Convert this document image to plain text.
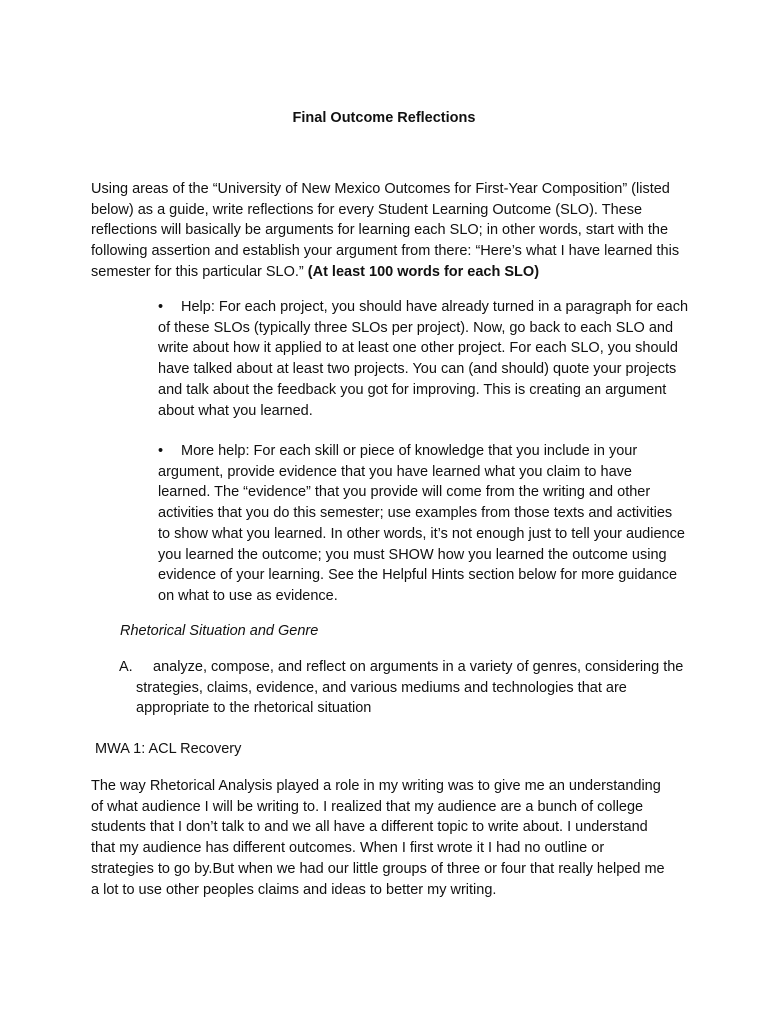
Final Outcome Reflections

Using areas of the “University of New Mexico Outcomes for First-Year Composition” (listed below) as a guide, write reflections for every Student Learning Outcome (SLO). These reflections will basically be arguments for learning each SLO; in other words, start with the following assertion and establish your argument from there: “Here’s what I have learned this semester for this particular SLO.” (At least 100 words for each SLO)

• Help: For each project, you should have already turned in a paragraph for each of these SLOs (typically three SLOs per project). Now, go back to each SLO and write about how it applied to at least one other project. For each SLO, you should have talked about at least two projects. You can (and should) quote your projects and talk about the feedback you got for improving. This is creating an argument about what you learned.

• More help: For each skill or piece of knowledge that you include in your argument, provide evidence that you have learned what you claim to have learned. The “evidence” that you provide will come from the writing and other activities that you do this semester; use examples from those texts and activities to show what you learned. In other words, it’s not enough just to tell your audience you learned the outcome; you must SHOW how you learned the outcome using evidence of your learning. See the Helpful Hints section below for more guidance on what to use as evidence.

Rhetorical Situation and Genre

A.	analyze, compose, and reflect on arguments in a variety of genres, considering the strategies, claims, evidence, and various mediums and technologies that are appropriate to the rhetorical situation

MWA 1: ACL Recovery

The way Rhetorical Analysis played a role in my writing was to give me an understanding of what audience I will be writing to. I realized that my audience are a bunch of college students that I don’t talk to and we all have a different topic to write about. I understand that my audience has different outcomes. When I first wrote it I had no outline or strategies to go by.But when we had our little groups of three or four that really helped me a lot to use other peoples claims and ideas to better my writing.
